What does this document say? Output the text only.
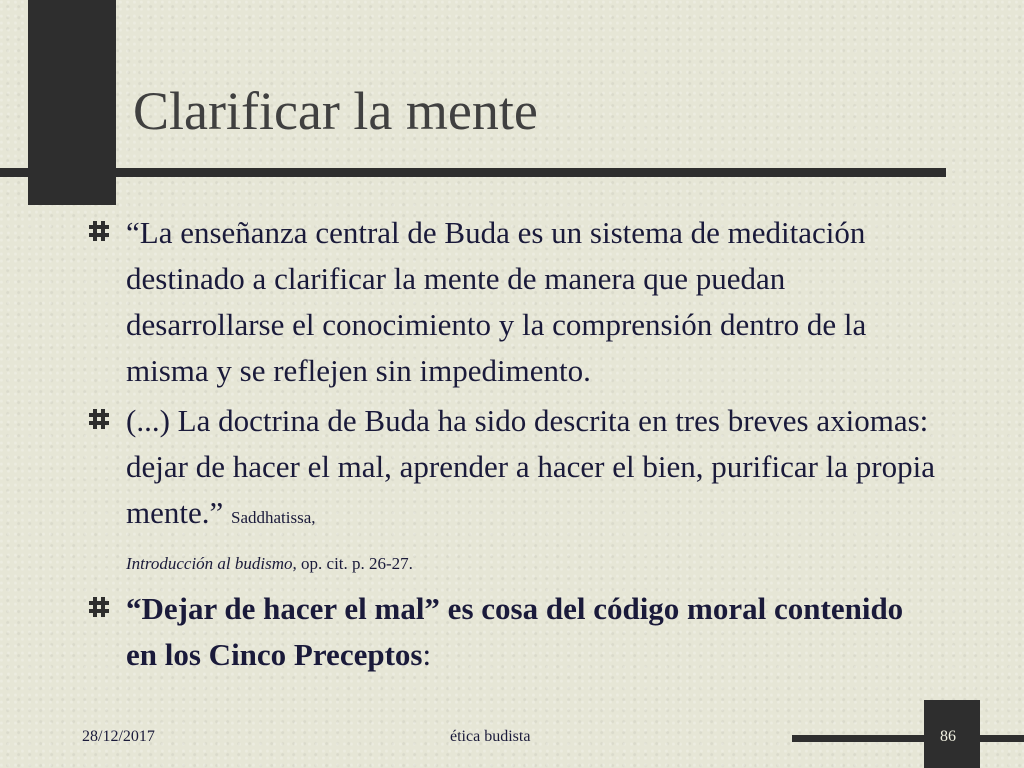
Clarificar la mente
“La enseñanza central de Buda es un sistema de meditación destinado a clarificar la mente de manera que puedan desarrollarse el conocimiento y la comprensión dentro de la misma y se reflejen sin impedimento.
(...) La doctrina de Buda ha sido descrita en tres breves axiomas: dejar de hacer el mal, aprender a hacer el bien, purificar la propia mente.” Saddhatissa,
Introducción al budismo, op. cit. p. 26-27.
“Dejar de hacer el mal” es cosa del código moral contenido en los Cinco Preceptos:
28/12/2017	ética budista	86
